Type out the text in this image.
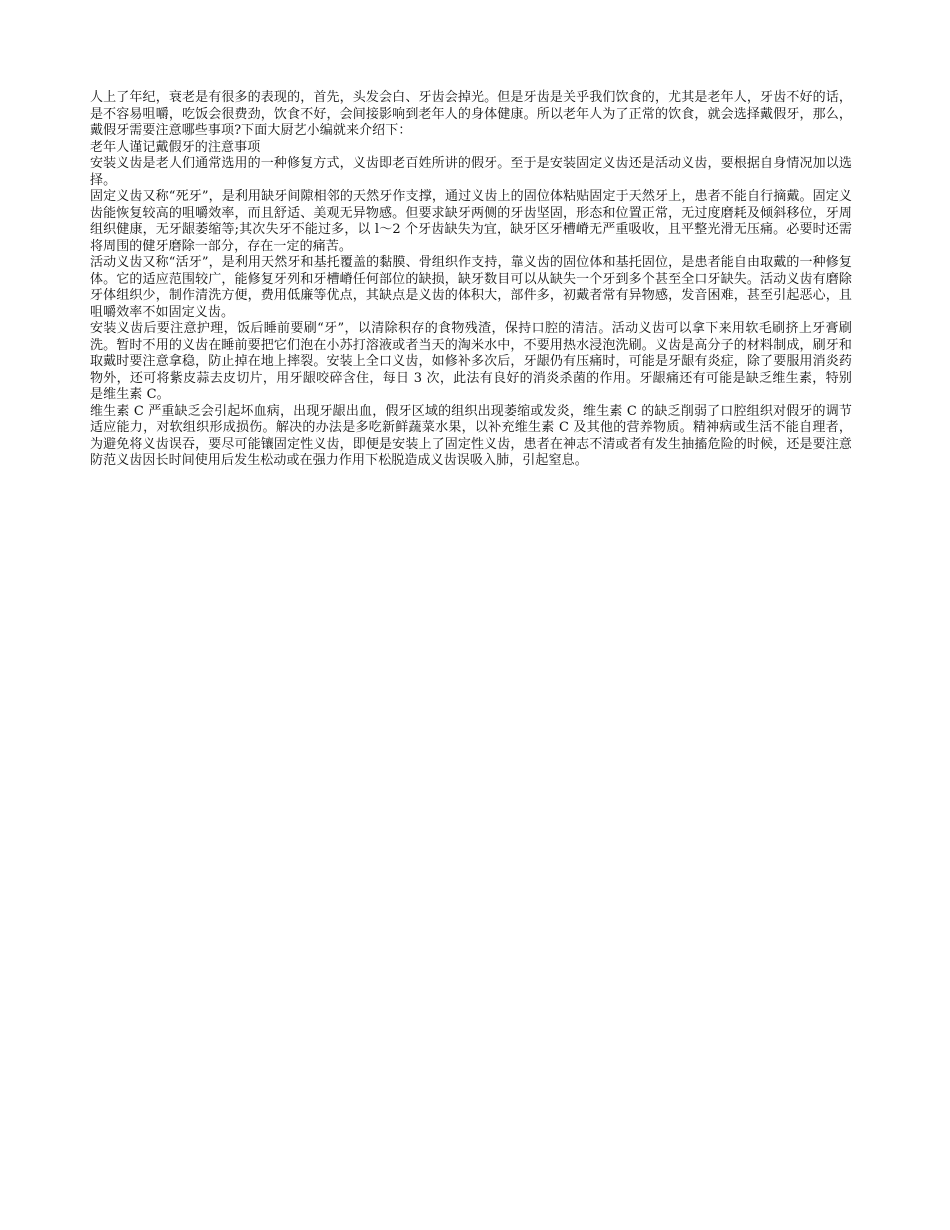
人上了年纪，衰老是有很多的表现的，首先，头发会白、牙齿会掉光。但是牙齿是关乎我们饮食的，尤其是老年人，牙齿不好的话，是不容易咀嚼，吃饭会很费劲，饮食不好，会间接影响到老年人的身体健康。所以老年人为了正常的饮食，就会选择戴假牙，那么，戴假牙需要注意哪些事项?下面大厨艺小编就来介绍下：

老年人谨记戴假牙的注意事项

安装义齿是老人们通常选用的一种修复方式，义齿即老百姓所讲的假牙。至于是安装固定义齿还是活动义齿，要根据自身情况加以选择。

固定义齿又称“死牙”，是利用缺牙间隙相邻的天然牙作支撑，通过义齿上的固位体粘贴固定于天然牙上，患者不能自行摘戴。固定义齿能恢复较高的咀嚼效率，而且舒适、美观无异物感。但要求缺牙两侧的牙齿坚固，形态和位置正常，无过度磨耗及倾斜移位，牙周组织健康，无牙龈萎缩等;其次失牙不能过多，以 l～2 个牙齿缺失为宜，缺牙区牙槽嵴无严重吸收，且平整光滑无压痛。必要时还需将周围的健牙磨除一部分，存在一定的痛苦。

活动义齿又称“活牙”，是利用天然牙和基托覆盖的黏膜、骨组织作支持，靠义齿的固位体和基托固位，是患者能自由取戴的一种修复体。它的适应范围较广，能修复牙列和牙槽嵴任何部位的缺损，缺牙数目可以从缺失一个牙到多个甚至全口牙缺失。活动义齿有磨除牙体组织少，制作清洗方便，费用低廉等优点，其缺点是义齿的体积大，部件多，初戴者常有异物感，发音困难，甚至引起恶心，且咀嚼效率不如固定义齿。

安装义齿后要注意护理，饭后睡前要刷“牙”，以清除积存的食物残渣，保持口腔的清洁。活动义齿可以拿下来用软毛刷挤上牙膏刷洗。暂时不用的义齿在睡前要把它们泡在小苏打溶液或者当天的淘米水中，不要用热水浸泡洗刷。义齿是高分子的材料制成，刷牙和取戴时要注意拿稳，防止掉在地上摔裂。安装上全口义齿，如修补多次后，牙龈仍有压痛时，可能是牙龈有炎症，除了要服用消炎药物外，还可将紫皮蒜去皮切片，用牙龈咬碎含住，每日 3 次，此法有良好的消炎杀菌的作用。牙龈痛还有可能是缺乏维生素，特别是维生素 C。

维生素 C 严重缺乏会引起坏血病，出现牙龈出血，假牙区域的组织出现萎缩或发炎，维生素 C 的缺乏削弱了口腔组织对假牙的调节适应能力，对软组织形成损伤。解决的办法是多吃新鲜蔬菜水果，以补充维生素 C 及其他的营养物质。精神病或生活不能自理者，为避免将义齿误吞，要尽可能镶固定性义齿，即便是安装上了固定性义齿，患者在神志不清或者有发生抽搐危险的时候，还是要注意防范义齿因长时间使用后发生松动或在强力作用下松脱造成义齿误吸入肺，引起窒息。
